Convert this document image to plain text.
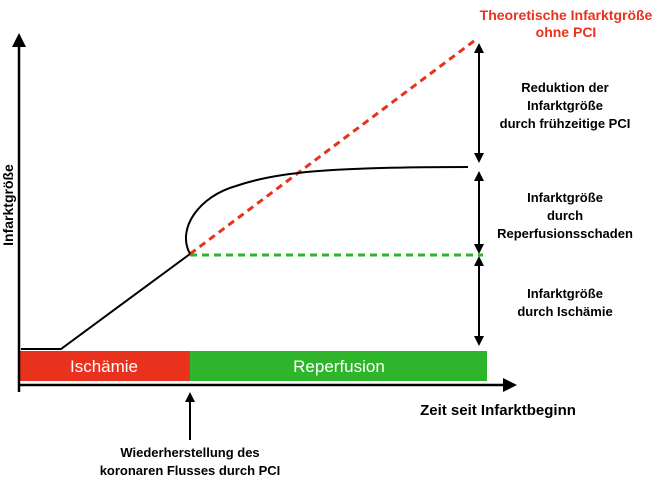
Ischämie	Reperfusion
Infarktgröße
Zeit seit Infarktbeginn
Theoretische Infarktgröße
ohne PCI
Reduktion der
Infarktgröße
durch frühzeitige PCI
Infarktgröße
durch
Reperfusionsschaden
Infarktgröße
durch Ischämie
Wiederherstellung des
koronaren Flusses durch PCI
